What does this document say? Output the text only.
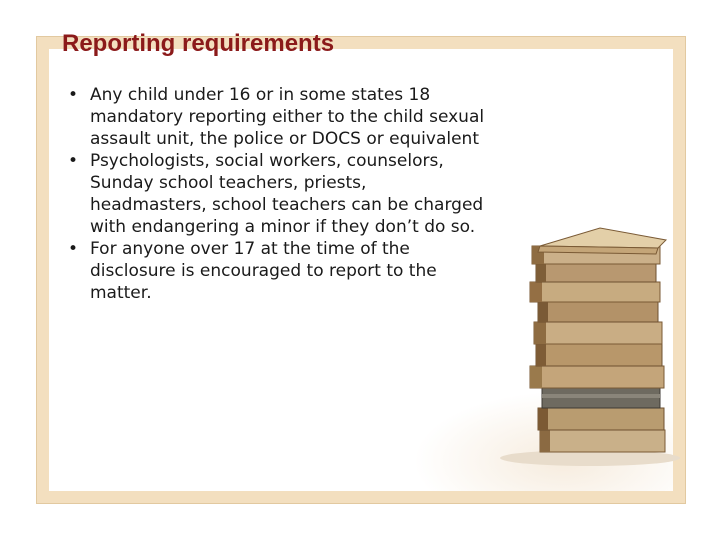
Reporting requirements
• Any child under 16 or in some states 18 mandatory reporting either to the child sexual assault unit, the police or DOCS or equivalent
• Psychologists, social workers, counselors, Sunday school teachers, priests, headmasters, school teachers can be charged with endangering a minor if they don’t do so.
• For anyone over 17 at the time of the disclosure is encouraged to report to the matter.
